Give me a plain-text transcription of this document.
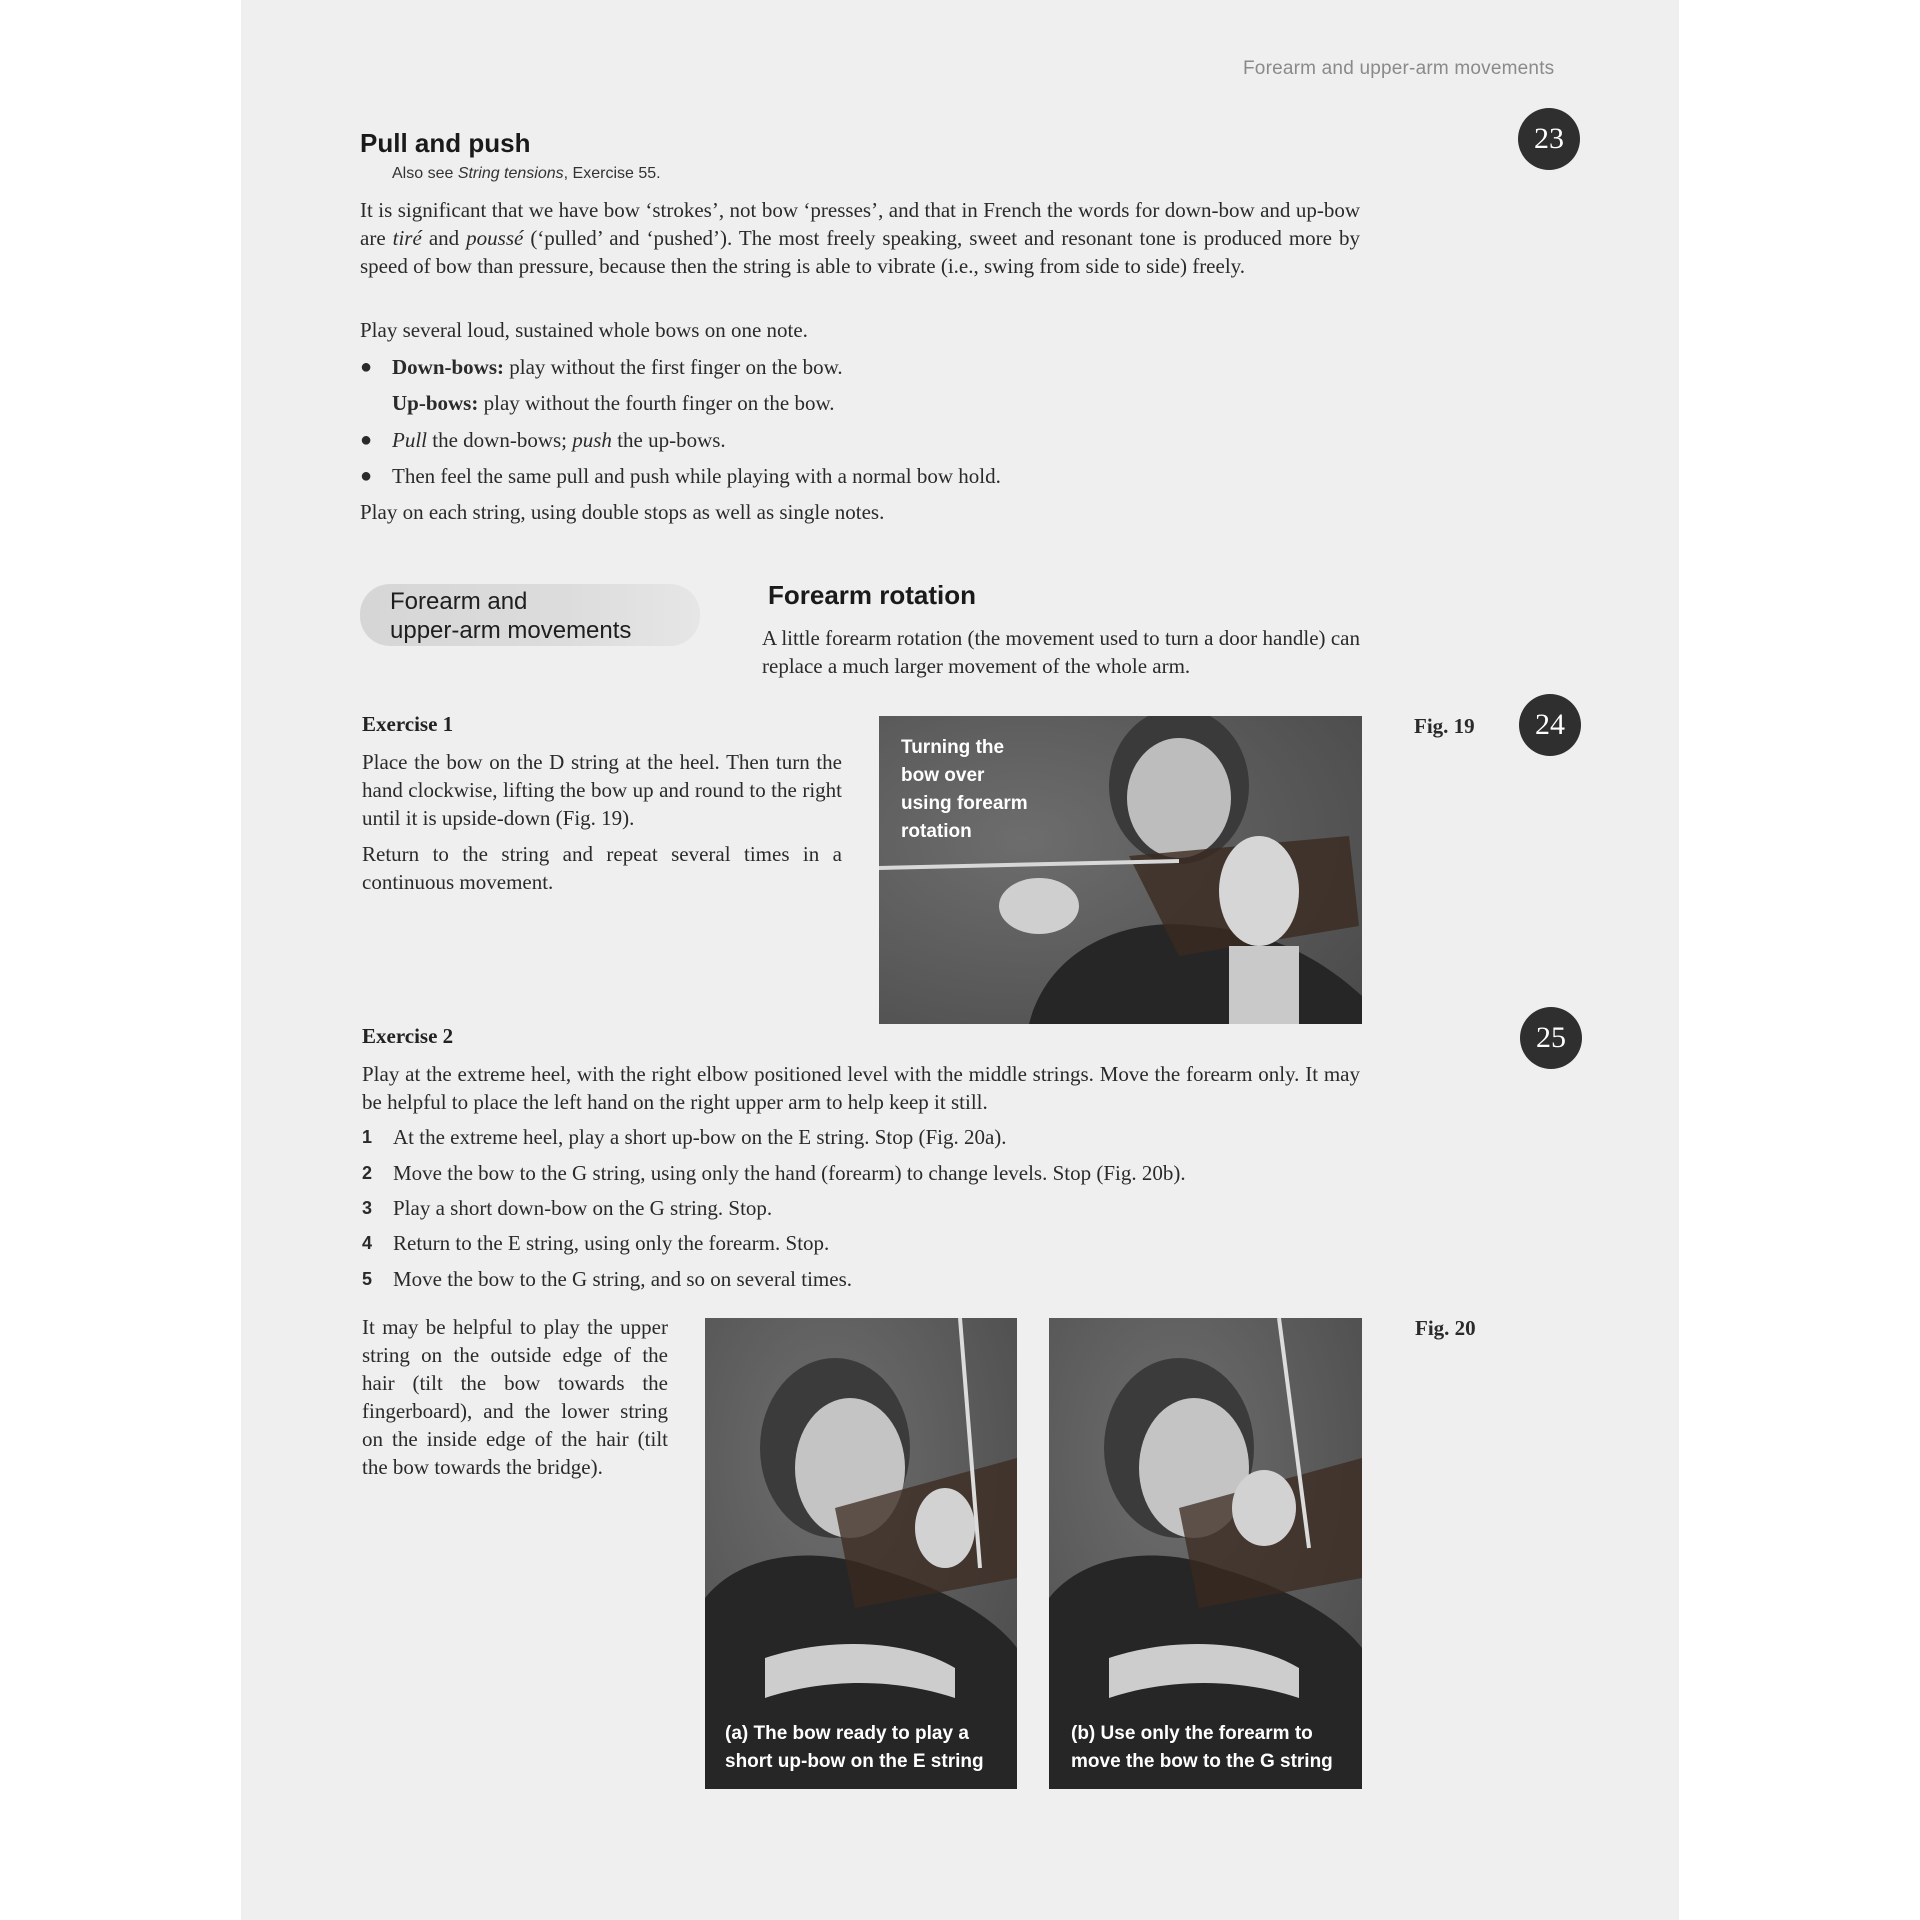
Forearm and upper-arm movements
23
24
25
Pull and push
Also see String tensions, Exercise 55.
It is significant that we have bow ‘strokes’, not bow ‘presses’, and that in French the words for down-bow and up-bow are tiré and poussé (‘pulled’ and ‘pushed’). The most freely speaking, sweet and resonant tone is produced more by speed of bow than pressure, because then the string is able to vibrate (i.e., swing from side to side) freely.
Play several loud, sustained whole bows on one note.
● Down-bows: play without the first finger on the bow.
Up-bows: play without the fourth finger on the bow.
● Pull the down-bows; push the up-bows.
● Then feel the same pull and push while playing with a normal bow hold.
Play on each string, using double stops as well as single notes.
Forearm and
upper-arm movements
Forearm rotation
A little forearm rotation (the movement used to turn a door handle) can replace a much larger movement of the whole arm.
Exercise 1

Place the bow on the D string at the heel. Then turn the hand clockwise, lifting the bow up and round to the right until it is upside-down (Fig. 19).

Return to the string and repeat several times in a continuous movement.

Turning the
bow over
using forearm
rotation
Fig. 19
Exercise 2
Play at the extreme heel, with the right elbow positioned level with the middle strings. Move the forearm only. It may be helpful to place the left hand on the right upper arm to help keep it still.
1 At the extreme heel, play a short up-bow on the E string. Stop (Fig. 20a).
2 Move the bow to the G string, using only the hand (forearm) to change levels. Stop (Fig. 20b).
3 Play a short down-bow on the G string. Stop.
4 Return to the E string, using only the forearm. Stop.
5 Move the bow to the G string, and so on several times.
It may be helpful to play the upper string on the outside edge of the hair (tilt the bow towards the fingerboard), and the lower string on the inside edge of the hair (tilt the bow towards the bridge).
(a) The bow ready to play a
short up-bow on the E string
(b) Use only the forearm to
move the bow to the G string
Fig. 20
